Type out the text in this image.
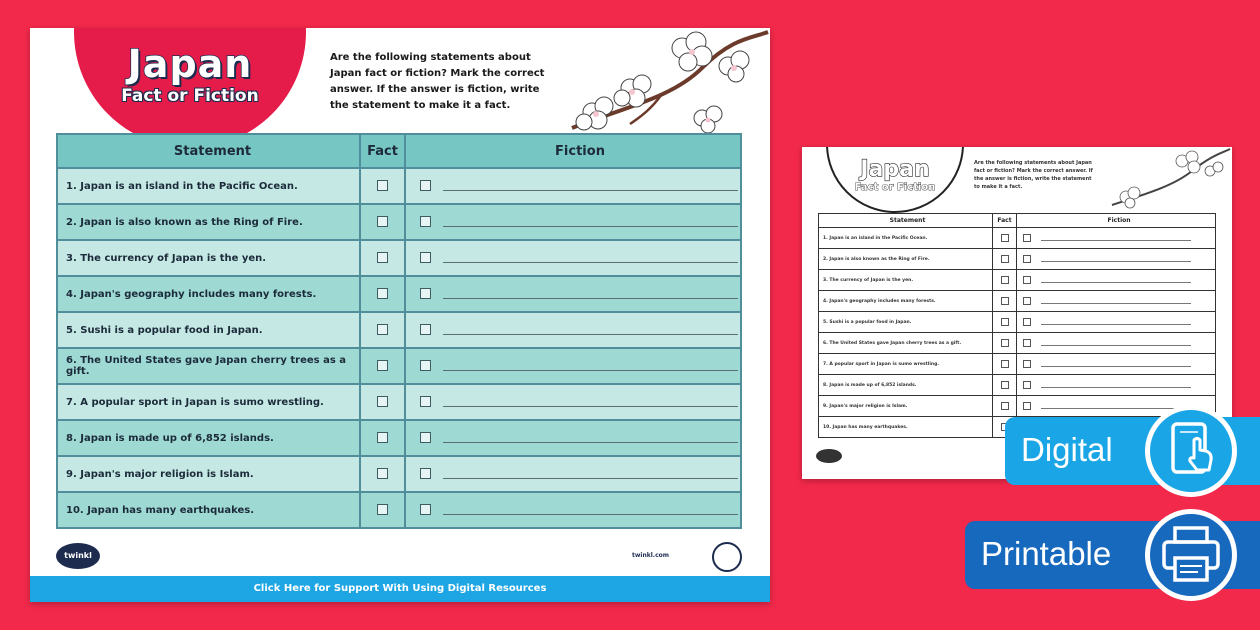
Japan
Fact or Fiction
Are the following statements about Japan fact or fiction? Mark the correct answer. If the answer is fiction, write the statement to make it a fact.
Statement	Fact	Fiction
1. Japan is an island in the Pacific Ocean.		
2. Japan is also known as the Ring of Fire.		
3. The currency of Japan is the yen.		
4. Japan's geography includes many forests.		
5. Sushi is a popular food in Japan.		
6. The United States gave Japan cherry trees as a gift.		
7. A popular sport in Japan is sumo wrestling.		
8. Japan is made up of 6,852 islands.		
9. Japan's major religion is Islam.		
10. Japan has many earthquakes.		
twinkl	twinkl.com
Click Here for Support With Using Digital Resources
Japan
Fact or Fiction
Are the following statements about Japan fact or fiction? Mark the correct answer. If the answer is fiction, write the statement to make it a fact.
Statement	Fact	Fiction
1. Japan is an island in the Pacific Ocean.		
2. Japan is also known as the Ring of Fire.		
3. The currency of Japan is the yen.		
4. Japan's geography includes many forests.		
5. Sushi is a popular food in Japan.		
6. The United States gave Japan cherry trees as a gift.		
7. A popular sport in Japan is sumo wrestling.		
8. Japan is made up of 6,852 islands.		
9. Japan's major religion is Islam.		
10. Japan has many earthquakes.		
Digital
Printable
